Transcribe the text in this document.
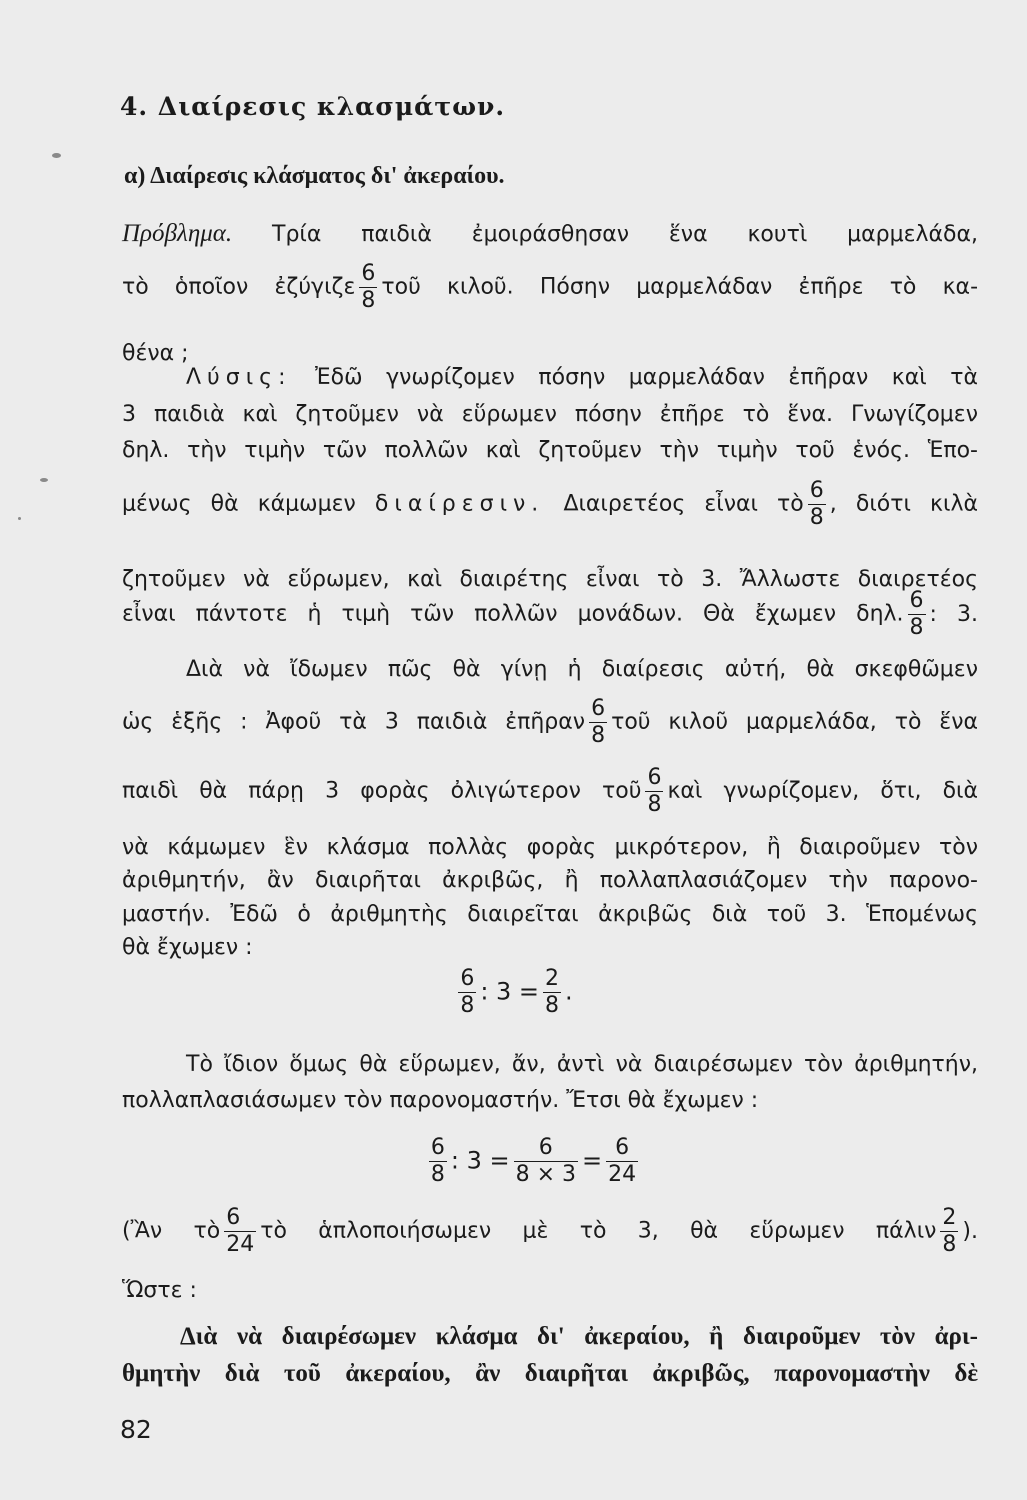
4. Διαίρεσις κλασμάτων.
α) Διαίρεσις κλάσματος δι' ἀκεραίου.
Πρόβλημα. Τρία παιδιὰ ἐμοιράσθησαν ἕνα κουτὶ μαρμελάδα,
τὸ ὁποῖον ἐζύγιζε $\frac{6}{8}$ τοῦ κιλοῦ. Πόσην μαρμελάδαν ἐπῆρε τὸ κα-
θένα ;
Λύσις: Ἐδῶ γνωρίζομεν πόσην μαρμελάδαν ἐπῆραν καὶ τὰ
3 παιδιὰ καὶ ζητοῦμεν νὰ εὕρωμεν πόσην ἐπῆρε τὸ ἕνα. Γνωγίζομεν
δηλ. τὴν τιμὴν τῶν πολλῶν καὶ ζητοῦμεν τὴν τιμὴν τοῦ ἑνός. Ἑπο-
μένως θὰ κάμωμεν διαίρεσιν. Διαιρετέος εἶναι τὸ $\frac{6}{8}$ , διότι κιλὰ
ζητοῦμεν νὰ εὕρωμεν, καὶ διαιρέτης εἶναι τὸ 3. Ἄλλωστε διαιρετέος
εἶναι πάντοτε ἡ τιμὴ τῶν πολλῶν μονάδων. Θὰ ἔχωμεν δηλ. $\frac{6}{8}$ : 3.
Διὰ νὰ ἴδωμεν πῶς θὰ γίνῃ ἡ διαίρεσις αὐτή, θὰ σκεφθῶμεν
ὡς ἑξῆς : Ἀφοῦ τὰ 3 παιδιὰ ἐπῆραν $\frac{6}{8}$ τοῦ κιλοῦ μαρμελάδα, τὸ ἕνα
παιδὶ θὰ πάρῃ 3 φορὰς ὀλιγώτερον τοῦ $\frac{6}{8}$ καὶ γνωρίζομεν, ὅτι, διὰ
νὰ κάμωμεν ἓν κλάσμα πολλὰς φορὰς μικρότερον, ἢ διαιροῦμεν τὸν
ἀριθμητήν, ἂν διαιρῆται ἀκριβῶς, ἢ πολλαπλασιάζομεν τὴν παρονο-
μαστήν. Ἐδῶ ὁ ἀριθμητὴς διαιρεῖται ἀκριβῶς διὰ τοῦ 3. Ἑπομένως
θὰ ἔχωμεν :
$\frac{6}{8}$ : $3 = \frac{2}{8}$ .
Τὸ ἴδιον ὅμως θὰ εὕρωμεν, ἄν, ἀντὶ νὰ διαιρέσωμεν τὸν ἀριθμητήν,
πολλαπλασιάσωμεν τὸν παρονομαστήν. Ἔτσι θὰ ἔχωμεν :
$\frac{6}{8}$ : $3 = \frac{6}{8 \times 3} = \frac{6}{24}$
(Ἂν τὸ $\frac{6}{24}$ τὸ ἁπλοποιήσωμεν μὲ τὸ 3, θὰ εὕρωμεν πάλιν $\frac{2}{8}$ ).
Ὥστε :
Διὰ νὰ διαιρέσωμεν κλάσμα δι' ἀκεραίου, ἢ διαιροῦμεν τὸν ἀρι-
θμητὴν διὰ τοῦ ἀκεραίου, ἂν διαιρῆται ἀκριβῶς, παρονομαστὴν δὲ
82
